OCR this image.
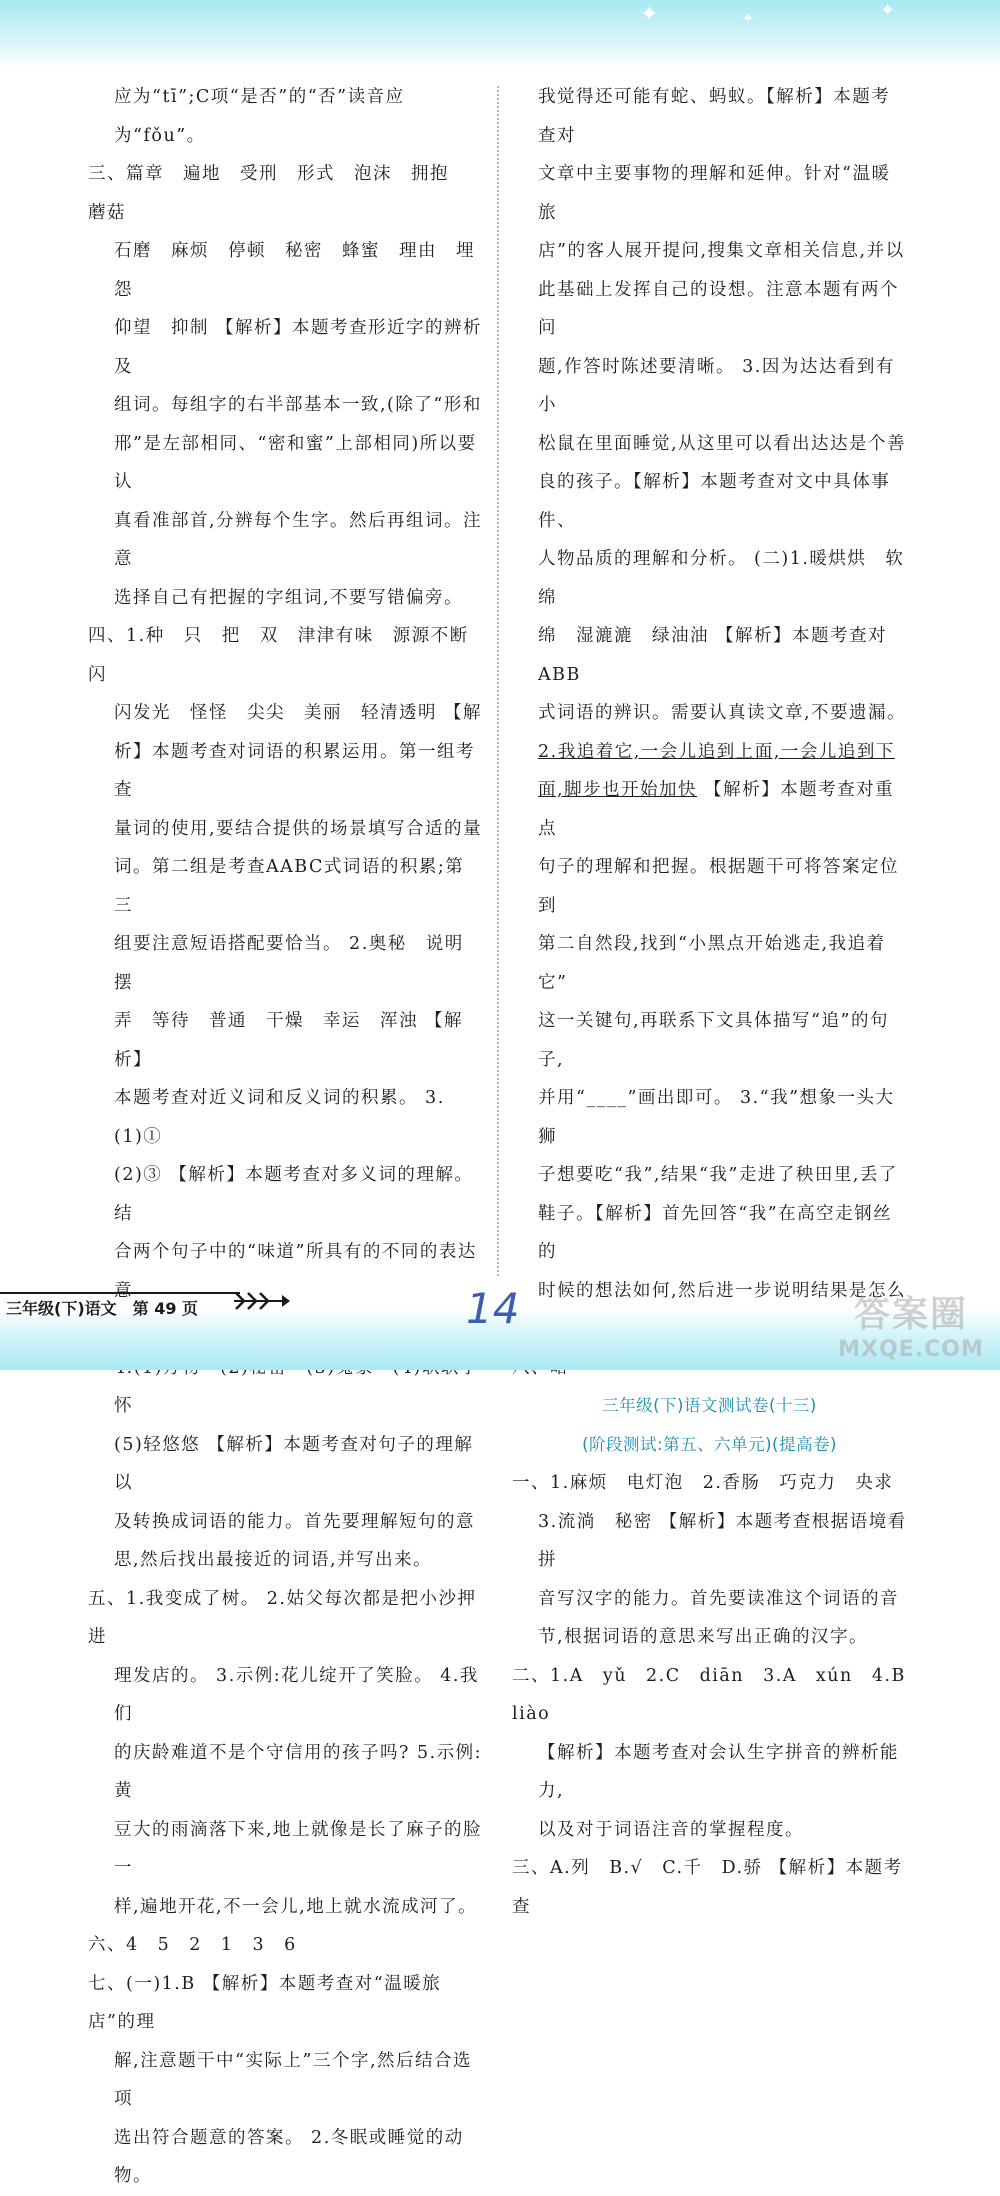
✦	✦	✦

应为“tī”;C项“是否”的“否”读音应为“fǒu”。

三、篇章　遍地　受刑　形式　泡沫　拥抱　蘑菇

石磨　麻烦　停顿　秘密　蜂蜜　理由　埋怨

仰望　抑制 【解析】本题考查形近字的辨析及

组词。每组字的右半部基本一致,(除了“形和

邢”是左部相同、“密和蜜”上部相同)所以要认

真看准部首,分辨每个生字。然后再组词。注意

选择自己有把握的字组词,不要写错偏旁。

四、1.种　只　把　双　津津有味　源源不断　闪

闪发光　怪怪　尖尖　美丽　轻清透明 【解

析】本题考查对词语的积累运用。第一组考查

量词的使用,要结合提供的场景填写合适的量

词。第二组是考查AABC式词语的积累;第三

组要注意短语搭配要恰当。 2.奥秘　说明　摆

弄　等待　普通　干燥　幸运　浑浊 【解析】

本题考查对近义词和反义词的积累。 3.(1)①

(2)③ 【解析】本题考查对多义词的理解。结

合两个句子中的“味道”所具有的不同的表达意

　　　怀

(5)轻悠悠 【解析】本题考查对句子的理解以

及转换成词语的能力。首先要理解短句的意

思,然后找出最接近的词语,并写出来。

五、1.我变成了树。 2.姑父每次都是把小沙押进

理发店的。 3.示例:花儿绽开了笑脸。 4.我们

的庆龄难道不是个守信用的孩子吗? 5.示例:黄

豆大的雨滴落下来,地上就像是长了麻子的脸一

样,遍地开花,不一会儿,地上就水流成河了。

六、4　5　2　1　3　6

七、(一)1.B 【解析】本题考查对“温暖旅店”的理

解,注意题干中“实际上”三个字,然后结合选项

选出符合题意的答案。 2.冬眠或睡觉的动物。

我觉得还可能有蛇、蚂蚁。【解析】本题考查对

文章中主要事物的理解和延伸。针对“温暖旅

店”的客人展开提问,搜集文章相关信息,并以

此基础上发挥自己的设想。注意本题有两个问

题,作答时陈述要清晰。 3.因为达达看到有小

松鼠在里面睡觉,从这里可以看出达达是个善

良的孩子。【解析】本题考查对文中具体事件、

人物品质的理解和分析。 (二)1.暖烘烘　软绵

绵　湿漉漉　绿油油 【解析】本题考查对ABB

式词语的辨识。需要认真读文章,不要遗漏。

2.我追着它,一会儿追到上面,一会儿追到下

面,脚步也开始加快 【解析】本题考查对重点

句子的理解和把握。根据题干可将答案定位到

第二自然段,找到“小黑点开始逃走,我追着它”

这一关键句,再联系下文具体描写“追”的句子,

并用“____”画出即可。 3.“我”想象一头大狮

子想要吃“我”,结果“我”走进了秧田里,丢了

鞋子。【解析】首先回答“我”在高空走钢丝的

时候的想法如何,然后进一步说明结果是怎么

三年级(下)语文测试卷(十三)

(阶段测试:第五、六单元)(提高卷)

一、1.麻烦　电灯泡　2.香肠　巧克力　央求

3.流淌　秘密 【解析】本题考查根据语境看拼

音写汉字的能力。首先要读准这个词语的音

节,根据词语的意思来写出正确的汉字。

二、1.A　yǔ　2.C　diān　3.A　xún　4.B　liào

【解析】本题考查对会认生字拼音的辨析能力,

以及对于词语注音的掌握程度。

三、A.列　B.√　C.千　D.骄 【解析】本题考查

三年级(下)语文　第 49 页	14	答案圈
MXQE.COM
